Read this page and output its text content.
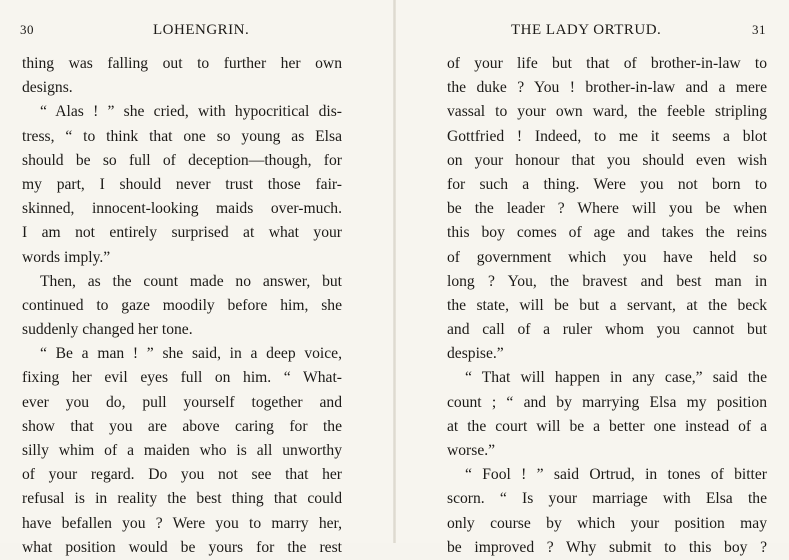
30	LOHENGRIN.
thing was falling out to further her own
designs.
“ Alas ! ” she cried, with hypocritical dis-
tress, “ to think that one so young as Elsa
should be so full of deception—though, for
my part, I should never trust those fair-
skinned, innocent-looking maids over-much.
I am not entirely surprised at what your
words imply.”
Then, as the count made no answer, but
continued to gaze moodily before him, she
suddenly changed her tone.
“ Be a man ! ” she said, in a deep voice,
fixing her evil eyes full on him. “ What-
ever you do, pull yourself together and
show that you are above caring for the
silly whim of a maiden who is all unworthy
of your regard. Do you not see that her
refusal is in reality the best thing that could
have befallen you ? Were you to marry her,
what position would be yours for the rest
THE LADY ORTRUD.	31
of your life but that of brother-in-law to
the duke ? You ! brother-in-law and a mere
vassal to your own ward, the feeble stripling
Gottfried ! Indeed, to me it seems a blot
on your honour that you should even wish
for such a thing. Were you not born to
be the leader ? Where will you be when
this boy comes of age and takes the reins
of government which you have held so
long ? You, the bravest and best man in
the state, will be but a servant, at the beck
and call of a ruler whom you cannot but
despise.”
“ That will happen in any case,” said the
count ; “ and by marrying Elsa my position
at the court will be a better one instead of a
worse.”
“ Fool ! ” said Ortrud, in tones of bitter
scorn. “ Is your marriage with Elsa the
only course by which your position may
be improved ? Why submit to this boy ?
